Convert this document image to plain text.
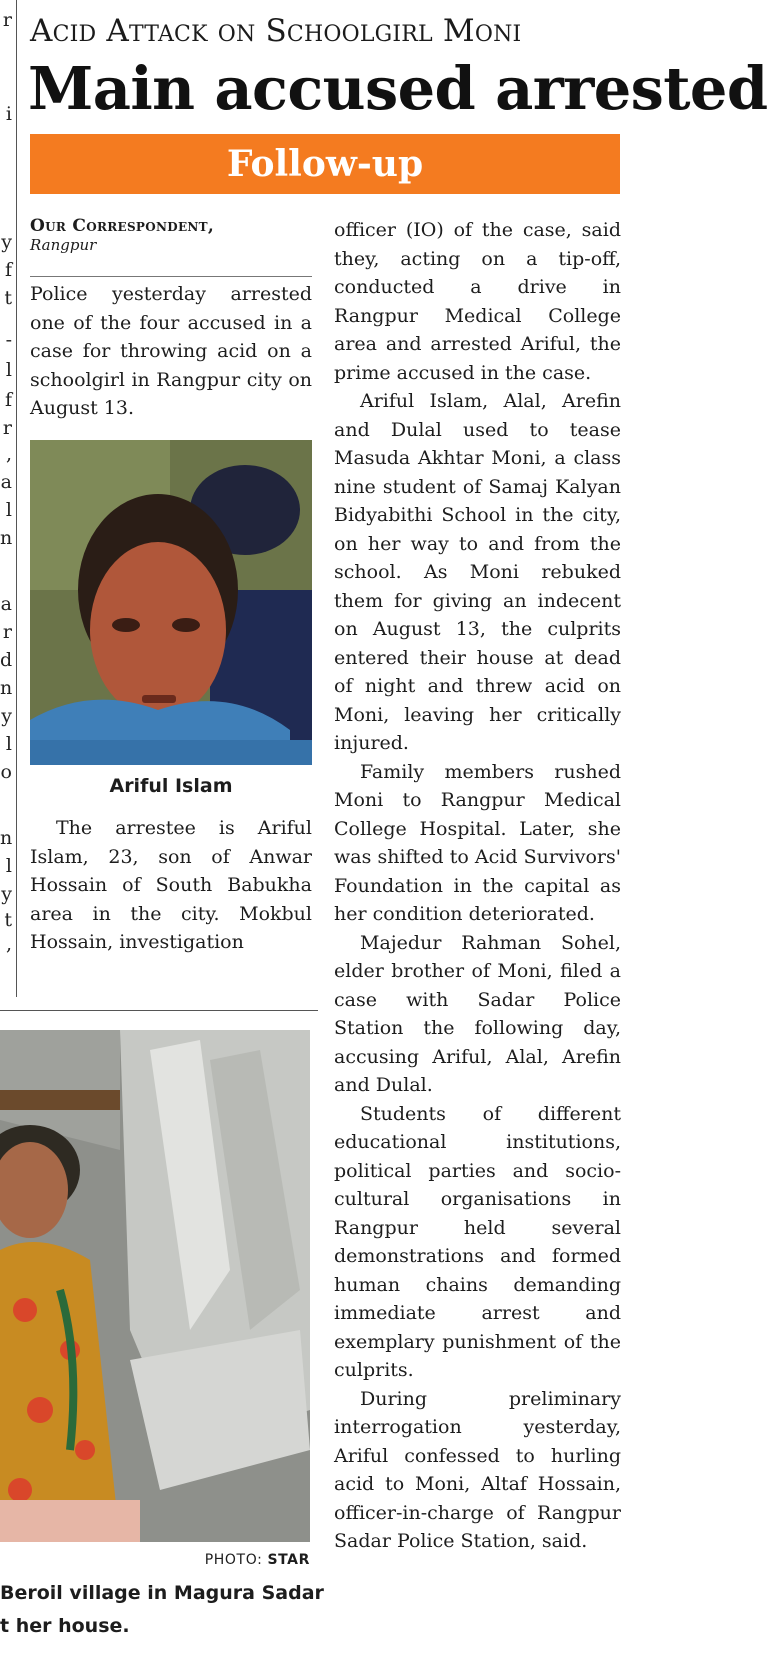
r
i
y
f
t
-
l
f
r
,
a
l
n
a
r
d
n
y
l
o
n
l
y
t
,
Acid Attack on Schoolgirl Moni
Main accused arrested
Follow-up
Our Correspondent,
Rangpur

Police yesterday arrested one of the four accused in a case for throwing acid on a schoolgirl in Rangpur city on August 13.

Ariful Islam

The arrestee is Ariful Islam, 23, son of Anwar Hossain of South Babukha area in the city. Mokbul Hossain, investigation

officer (IO) of the case, said they, acting on a tip-off, conducted a drive in Rangpur Medical College area and arrested Ariful, the prime accused in the case.

Ariful Islam, Alal, Arefin and Dulal used to tease Masuda Akhtar Moni, a class nine student of Samaj Kalyan Bidyabithi School in the city, on her way to and from the school. As Moni rebuked them for giving an indecent on August 13, the culprits entered their house at dead of night and threw acid on Moni, leaving her critically injured.

Family members rushed Moni to Rangpur Medical College Hospital. Later, she was shifted to Acid Survivors' Foundation in the capital as her condition deteriorated.

Majedur Rahman Sohel, elder brother of Moni, filed a case with Sadar Police Station the following day, accusing Ariful, Alal, Arefin and Dulal.

Students of different educational institutions, political parties and socio-cultural organisations in Rangpur held several demonstrations and formed human chains demanding immediate arrest and exemplary punishment of the culprits.

During preliminary interrogation yesterday, Ariful confessed to hurling acid to Moni, Altaf Hossain, officer-in-charge of Rangpur Sadar Police Station, said.

PHOTO: STAR
Beroil village in Magura Sadar
t her house.
